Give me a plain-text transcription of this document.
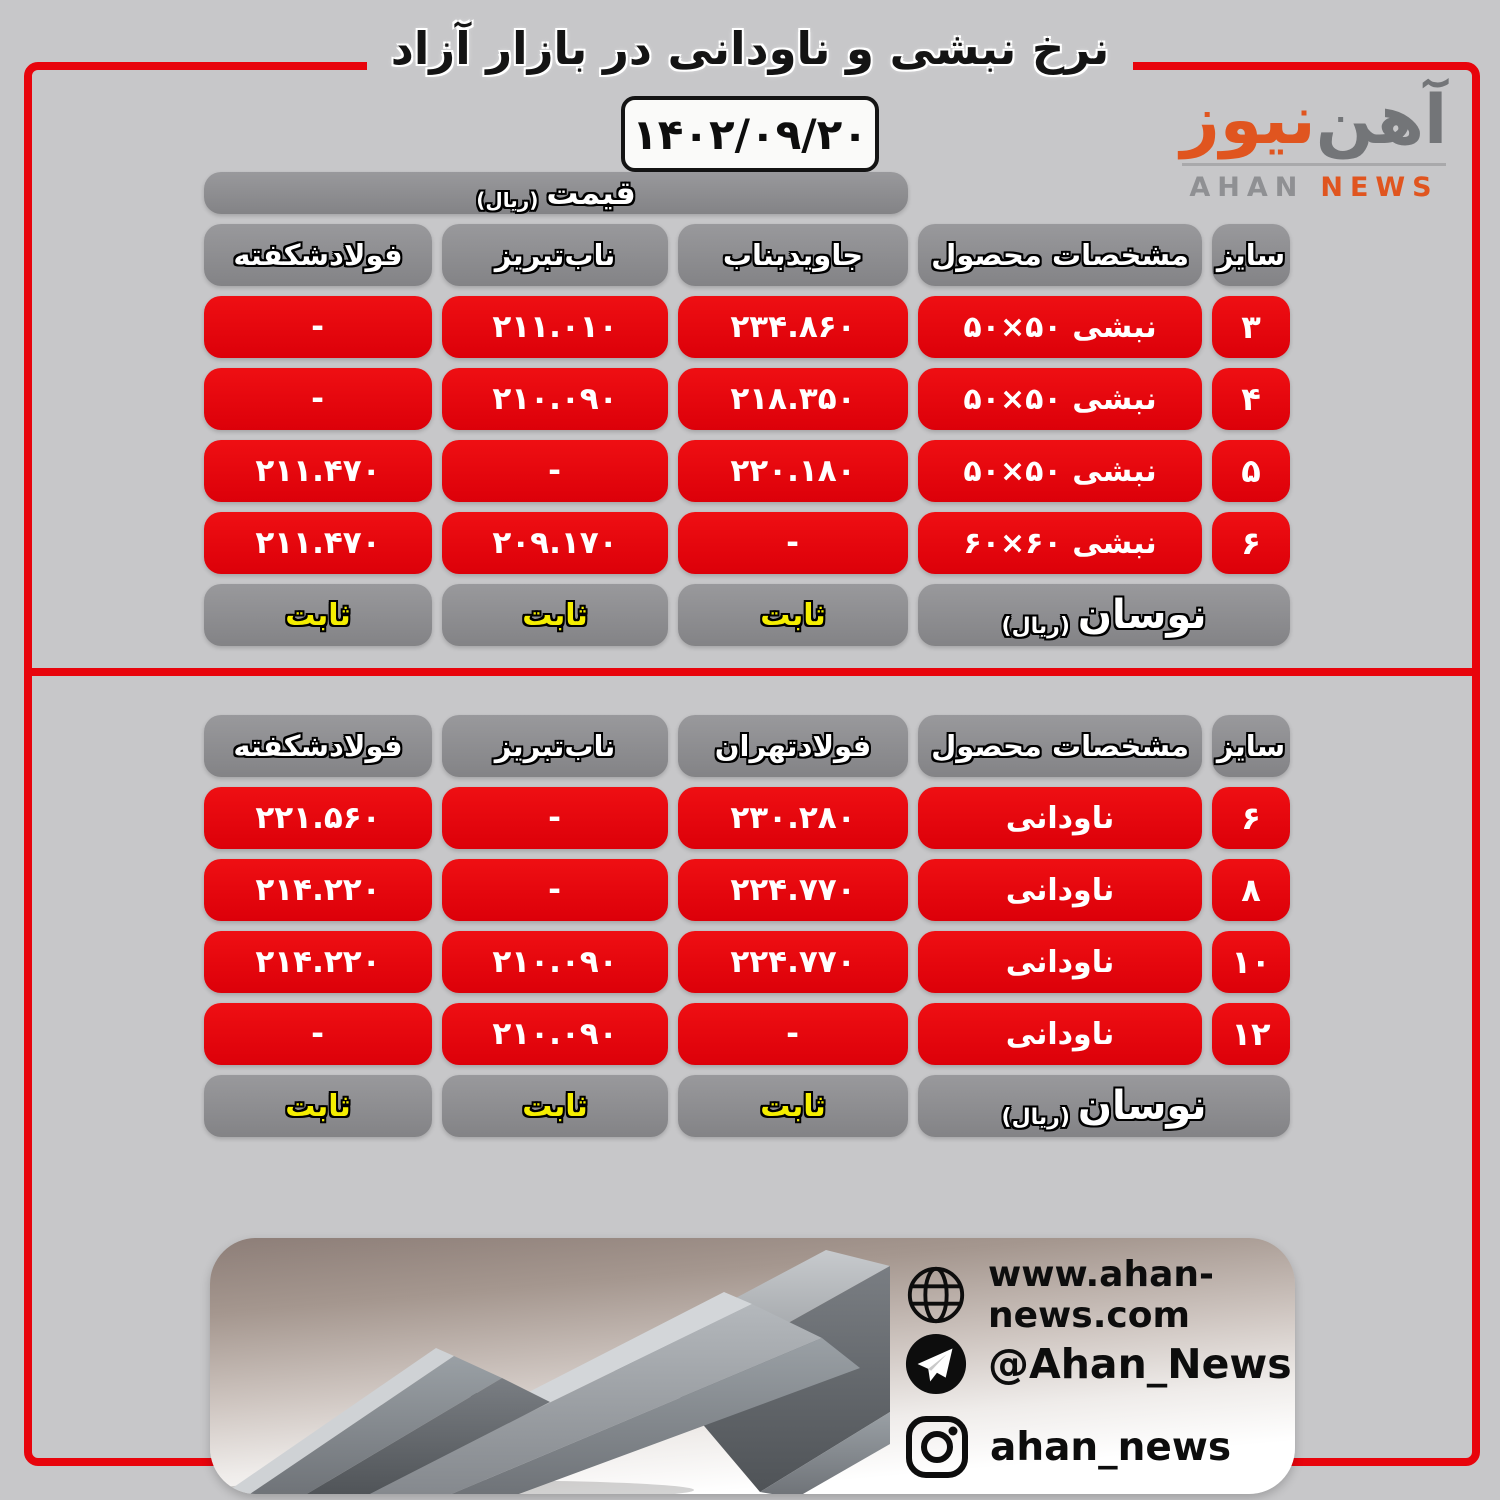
نرخ نبشی و ناودانی در بازار آزاد
۱۴۰۲/۰۹/۲۰	آهن
نیوز
AHAN NEWS
قیمت
(ریال)
سایز
مشخصات محصول
جاویدبناب
ناب‌تبریز
فولادشکفته
۳
نبشی ۵۰×۵۰
۲۳۴.۸۶۰
۲۱۱.۰۱۰
-
۴
نبشی ۵۰×۵۰
۲۱۸.۳۵۰
۲۱۰.۰۹۰
-
۵
نبشی ۵۰×۵۰
۲۲۰.۱۸۰
-
۲۱۱.۴۷۰
۶
نبشی ۶۰×۶۰
-
۲۰۹.۱۷۰
۲۱۱.۴۷۰
نوسان
(ریال)
ثابت
ثابت
ثابت
سایز
مشخصات محصول
فولادتهران
ناب‌تبریز
فولادشکفته
۶
ناودانی
۲۳۰.۲۸۰
-
۲۲۱.۵۶۰
۸
ناودانی
۲۲۴.۷۷۰
-
۲۱۴.۲۲۰
۱۰
ناودانی
۲۲۴.۷۷۰
۲۱۰.۰۹۰
۲۱۴.۲۲۰
۱۲
ناودانی
-
۲۱۰.۰۹۰
-
نوسان
(ریال)
ثابت
ثابت
ثابت
www.ahan-news.com
@Ahan_News
ahan_news
